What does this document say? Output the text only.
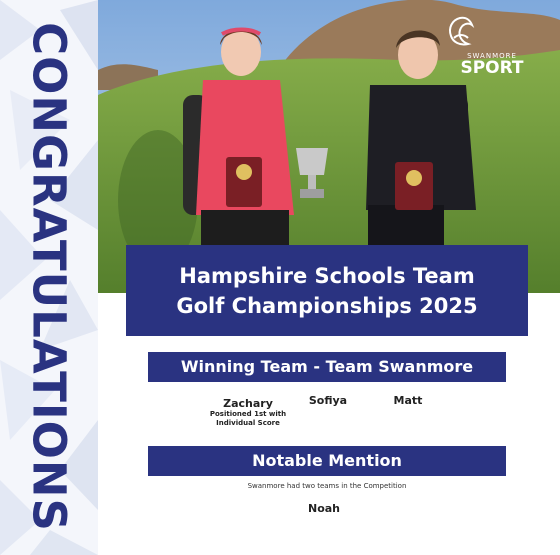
CONGRATULATIONS	SWANMORE
SPORT
Hampshire Schools Team
Golf Championships 2025
Winning Team - Team Swanmore
Zachary
Positioned 1st with
Individual Score
Sofiya	Matt
Notable Mention
Swanmore had two teams in the Competition
Noah
